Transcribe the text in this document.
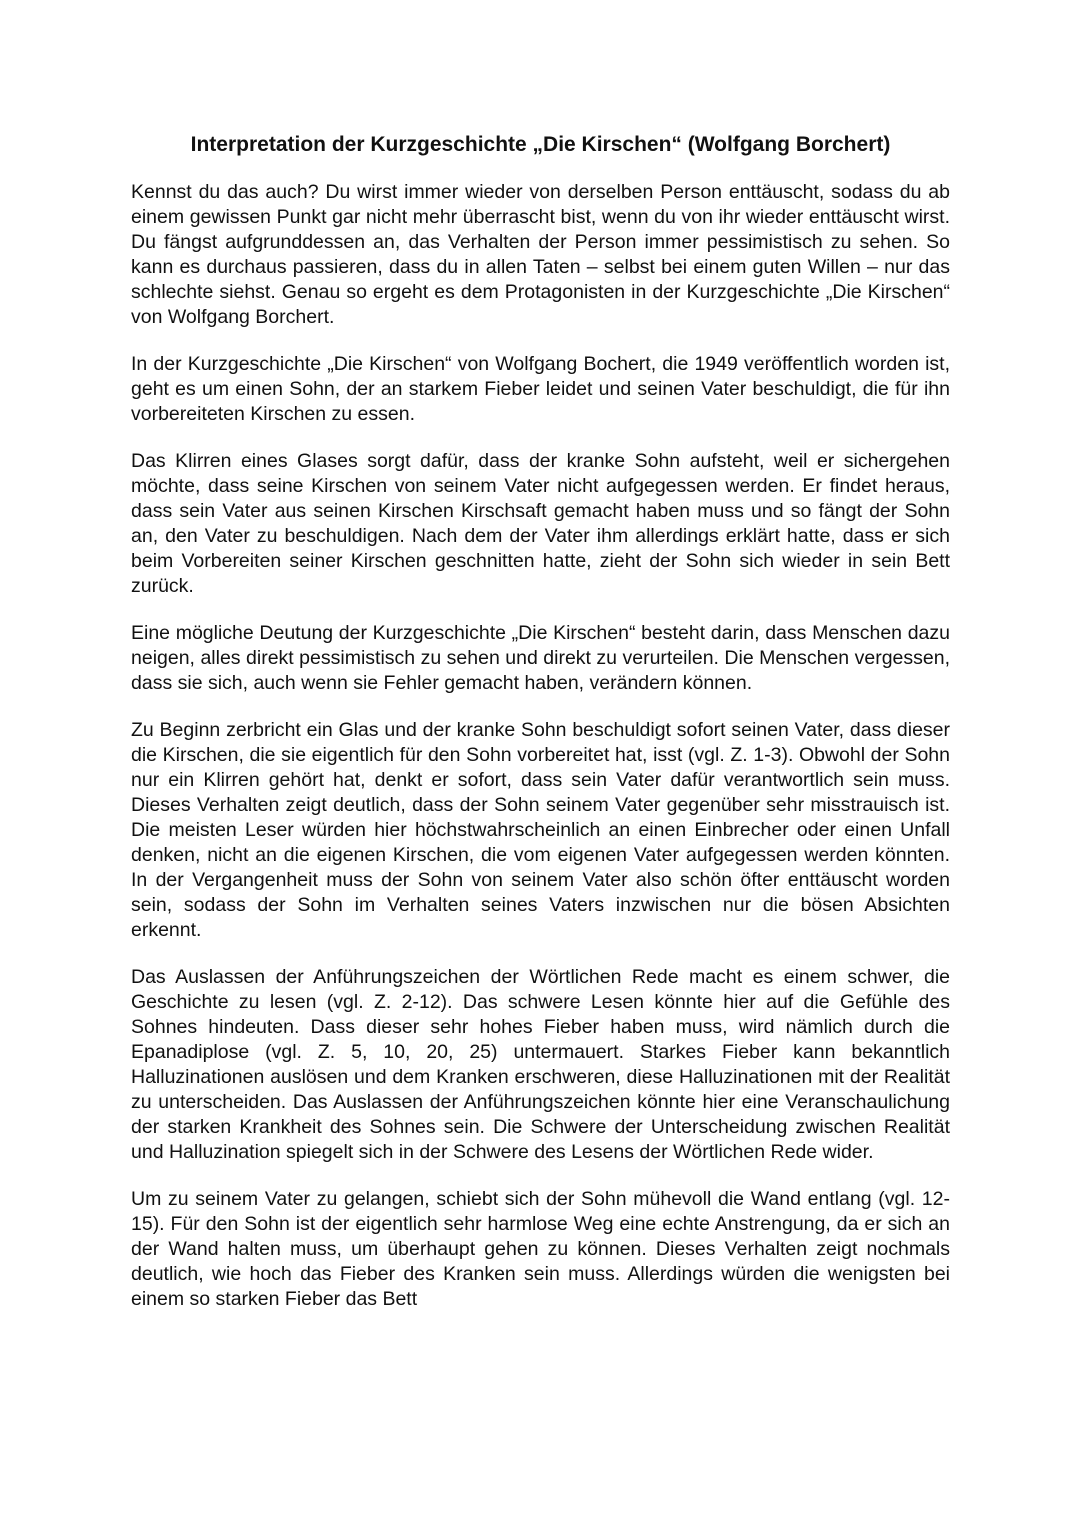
Interpretation der Kurzgeschichte „Die Kirschen“ (Wolfgang Borchert)

Kennst du das auch? Du wirst immer wieder von derselben Person enttäuscht, sodass du ab einem gewissen Punkt gar nicht mehr überrascht bist, wenn du von ihr wieder enttäuscht wirst. Du fängst aufgrunddessen an, das Verhalten der Person immer pessimistisch zu sehen. So kann es durchaus passieren, dass du in allen Taten – selbst bei einem guten Willen – nur das schlechte siehst. Genau so ergeht es dem Protagonisten in der Kurzgeschichte „Die Kirschen“ von Wolfgang Borchert.

In der Kurzgeschichte „Die Kirschen“ von Wolfgang Bochert, die 1949 veröffentlich worden ist, geht es um einen Sohn, der an starkem Fieber leidet und seinen Vater beschuldigt, die für ihn vorbereiteten Kirschen zu essen.

Das Klirren eines Glases sorgt dafür, dass der kranke Sohn aufsteht, weil er sichergehen möchte, dass seine Kirschen von seinem Vater nicht aufgegessen werden. Er findet heraus, dass sein Vater aus seinen Kirschen Kirschsaft gemacht haben muss und so fängt der Sohn an, den Vater zu beschuldigen. Nach dem der Vater ihm allerdings erklärt hatte, dass er sich beim Vorbereiten seiner Kirschen geschnitten hatte, zieht der Sohn sich wieder in sein Bett zurück.

Eine mögliche Deutung der Kurzgeschichte „Die Kirschen“ besteht darin, dass Menschen dazu neigen, alles direkt pessimistisch zu sehen und direkt zu verurteilen. Die Menschen vergessen, dass sie sich, auch wenn sie Fehler gemacht haben, verändern können.

Zu Beginn zerbricht ein Glas und der kranke Sohn beschuldigt sofort seinen Vater, dass dieser die Kirschen, die sie eigentlich für den Sohn vorbereitet hat, isst (vgl. Z. 1-3). Obwohl der Sohn nur ein Klirren gehört hat, denkt er sofort, dass sein Vater dafür verantwortlich sein muss. Dieses Verhalten zeigt deutlich, dass der Sohn seinem Vater gegenüber sehr misstrauisch ist. Die meisten Leser würden hier höchstwahrscheinlich an einen Einbrecher oder einen Unfall denken, nicht an die eigenen Kirschen, die vom eigenen Vater aufgegessen werden könnten. In der Vergangenheit muss der Sohn von seinem Vater also schön öfter enttäuscht worden sein, sodass der Sohn im Verhalten seines Vaters inzwischen nur die bösen Absichten erkennt.

Das Auslassen der Anführungszeichen der Wörtlichen Rede macht es einem schwer, die Geschichte zu lesen (vgl. Z. 2-12). Das schwere Lesen könnte hier auf die Gefühle des Sohnes hindeuten. Dass dieser sehr hohes Fieber haben muss, wird nämlich durch die Epanadiplose (vgl. Z. 5, 10, 20, 25) untermauert. Starkes Fieber kann bekanntlich Halluzinationen auslösen und dem Kranken erschweren, diese Halluzinationen mit der Realität zu unterscheiden. Das Auslassen der Anführungszeichen könnte hier eine Veranschaulichung der starken Krankheit des Sohnes sein. Die Schwere der Unterscheidung zwischen Realität und Halluzination spiegelt sich in der Schwere des Lesens der Wörtlichen Rede wider.

Um zu seinem Vater zu gelangen, schiebt sich der Sohn mühevoll die Wand entlang (vgl. 12-15). Für den Sohn ist der eigentlich sehr harmlose Weg eine echte Anstrengung, da er sich an der Wand halten muss, um überhaupt gehen zu können. Dieses Verhalten zeigt nochmals deutlich, wie hoch das Fieber des Kranken sein muss. Allerdings würden die wenigsten bei einem so starken Fieber das Bett
